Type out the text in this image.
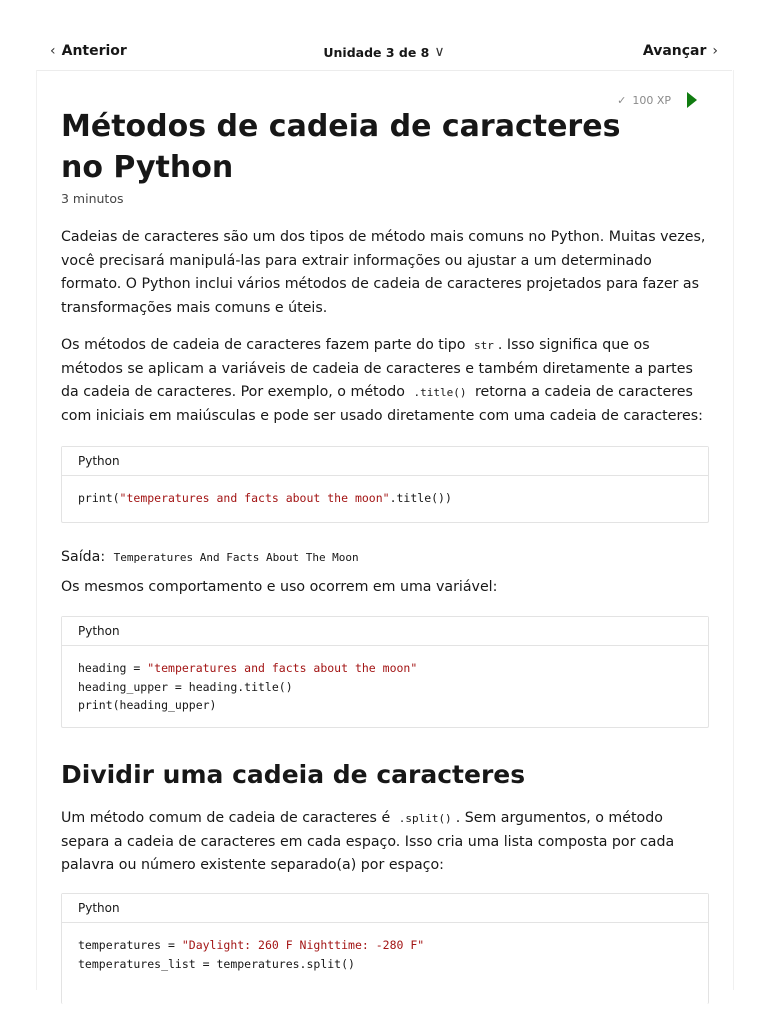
‹ Anterior	Unidade 3 de 8 ∨	Avançar ›
✓ 100 XP
Métodos de cadeia de caracteres no Python
3 minutos

Cadeias de caracteres são um dos tipos de método mais comuns no Python. Muitas vezes, você precisará manipulá-las para extrair informações ou ajustar a um determinado formato. O Python inclui vários métodos de cadeia de caracteres projetados para fazer as transformações mais comuns e úteis.

Os métodos de cadeia de caracteres fazem parte do tipo str . Isso significa que os métodos se aplicam a variáveis de cadeia de caracteres e também diretamente a partes da cadeia de caracteres. Por exemplo, o método .title() retorna a cadeia de caracteres com iniciais em maiúsculas e pode ser usado diretamente com uma cadeia de caracteres:

Python
print("temperatures and facts about the moon".title())

Saída: Temperatures And Facts About The Moon

Os mesmos comportamento e uso ocorrem em uma variável:

Python
heading = "temperatures and facts about the moon"
heading_upper = heading.title()
print(heading_upper)
Dividir uma cadeia de caracteres

Um método comum de cadeia de caracteres é .split() . Sem argumentos, o método separa a cadeia de caracteres em cada espaço. Isso cria uma lista composta por cada palavra ou número existente separado(a) por espaço:

Python
temperatures = "Daylight: 260 F Nighttime: -280 F"
temperatures_list = temperatures.split()
